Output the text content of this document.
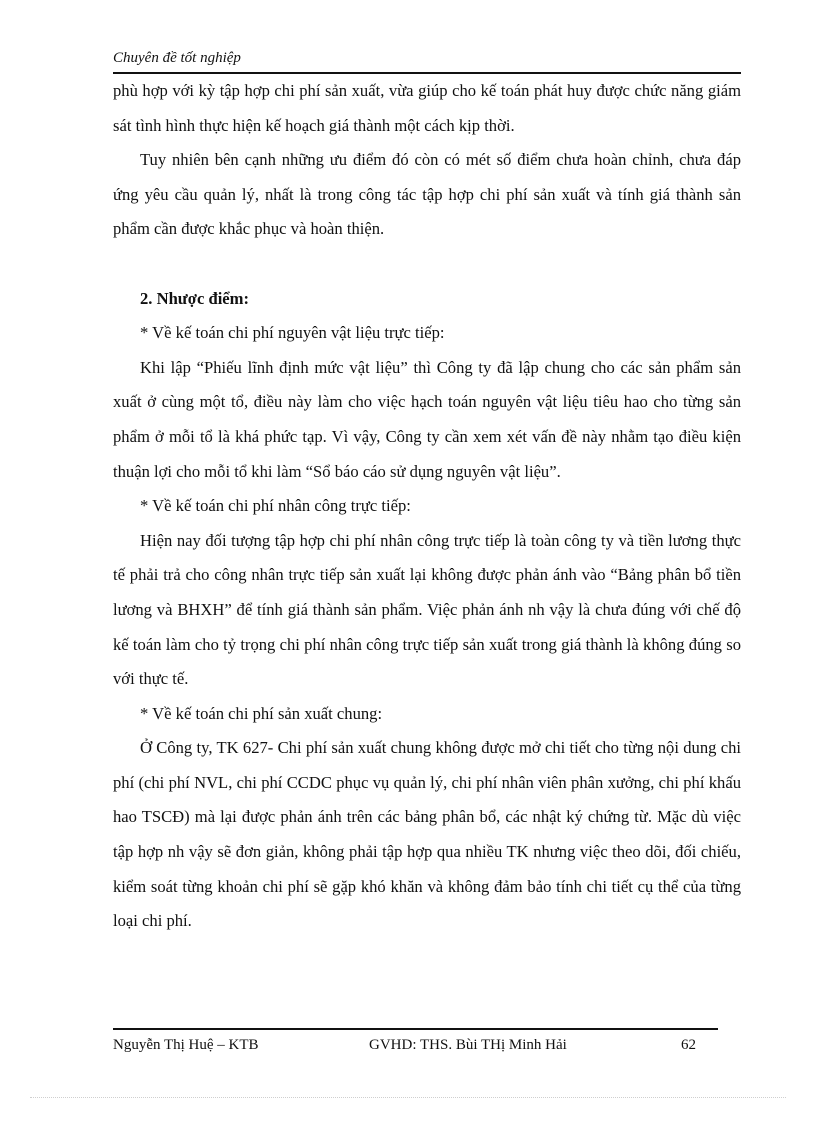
Chuyên đề tốt nghiệp

phù hợp với kỳ tập hợp chi phí sản xuất, vừa giúp cho kế toán phát huy được chức năng giám sát tình hình thực hiện kế hoạch giá thành một cách kịp thời.

Tuy nhiên bên cạnh những ưu điểm đó còn có mét số điểm chưa hoàn chỉnh, chưa đáp ứng yêu cầu quản lý, nhất là trong công tác tập hợp chi phí sản xuất và tính giá thành sản phẩm cần được khắc phục và hoàn thiện.

2. Nhược điểm:

* Về kế toán chi phí nguyên vật liệu trực tiếp:

Khi lập “Phiếu lĩnh định mức vật liệu” thì Công ty đã lập chung cho các sản phẩm sản xuất ở cùng một tổ, điều này làm cho việc hạch toán nguyên vật liệu tiêu hao cho từng sản phẩm ở mỗi tổ là khá phức tạp. Vì vậy, Công ty cần xem xét vấn đề này nhằm tạo điều kiện thuận lợi cho mỗi tổ khi làm “Sổ báo cáo sử dụng nguyên vật liệu”.

* Về kế toán chi phí nhân công trực tiếp:

Hiện nay đối tượng tập hợp chi phí nhân công trực tiếp là toàn công ty và tiền lương thực tế phải trả cho công nhân trực tiếp sản xuất lại không được phản ánh vào “Bảng phân bổ tiền lương và BHXH” để tính giá thành sản phẩm. Việc phản ánh nh vậy là chưa đúng với chế độ kế toán làm cho tỷ trọng chi phí nhân công trực tiếp sản xuất trong giá thành là không đúng so với thực tế.

* Về kế toán chi phí sản xuất chung:

Ở Công ty, TK 627- Chi phí sản xuất chung không được mở chi tiết cho từng nội dung chi phí (chi phí NVL, chi phí CCDC phục vụ quản lý, chi phí nhân viên phân xưởng, chi phí khấu hao TSCĐ) mà lại được phản ánh trên các bảng phân bổ, các nhật ký chứng từ. Mặc dù việc tập hợp nh vậy sẽ đơn giản, không phải tập hợp qua nhiều TK nhưng việc theo dõi, đối chiếu, kiểm soát từng khoản chi phí sẽ gặp khó khăn và không đảm bảo tính chi tiết cụ thể của từng loại chi phí.

Nguyễn Thị Huệ – KTB	GVHD: THS. Bùi THị Minh Hải	62
